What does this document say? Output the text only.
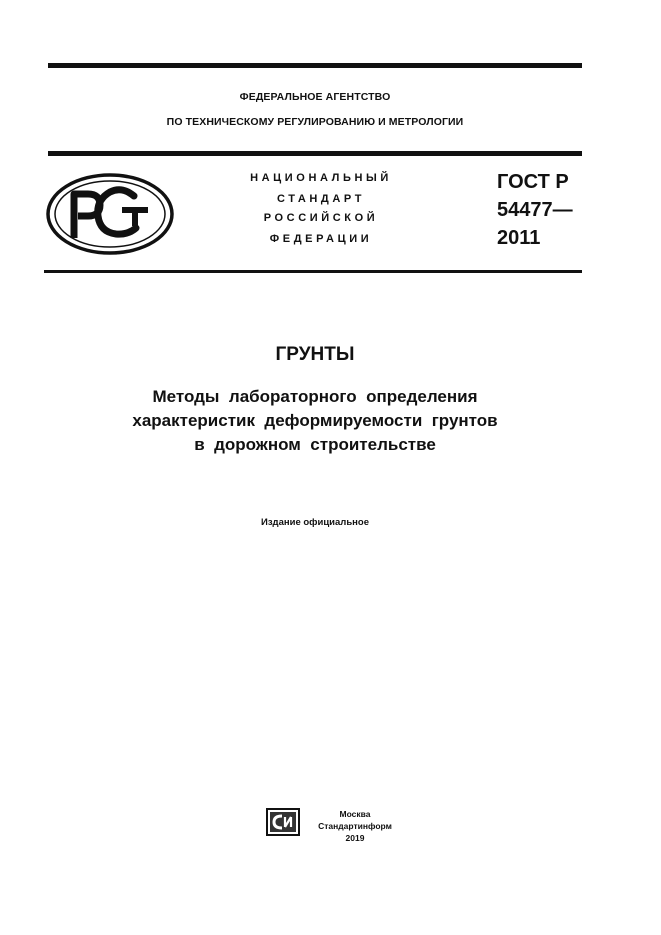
ФЕДЕРАЛЬНОЕ АГЕНТСТВО
ПО ТЕХНИЧЕСКОМУ РЕГУЛИРОВАНИЮ И МЕТРОЛОГИИ
НАЦИОНАЛЬНЫЙ
СТАНДАРТ
РОССИЙСКОЙ
ФЕДЕРАЦИИ
ГОСТ Р
54477—
2011
ГРУНТЫ
Методы  лабораторного  определения
характеристик  деформируемости  грунтов
в  дорожном  строительстве
Издание официальное
Москва
Стандартинформ
2019
